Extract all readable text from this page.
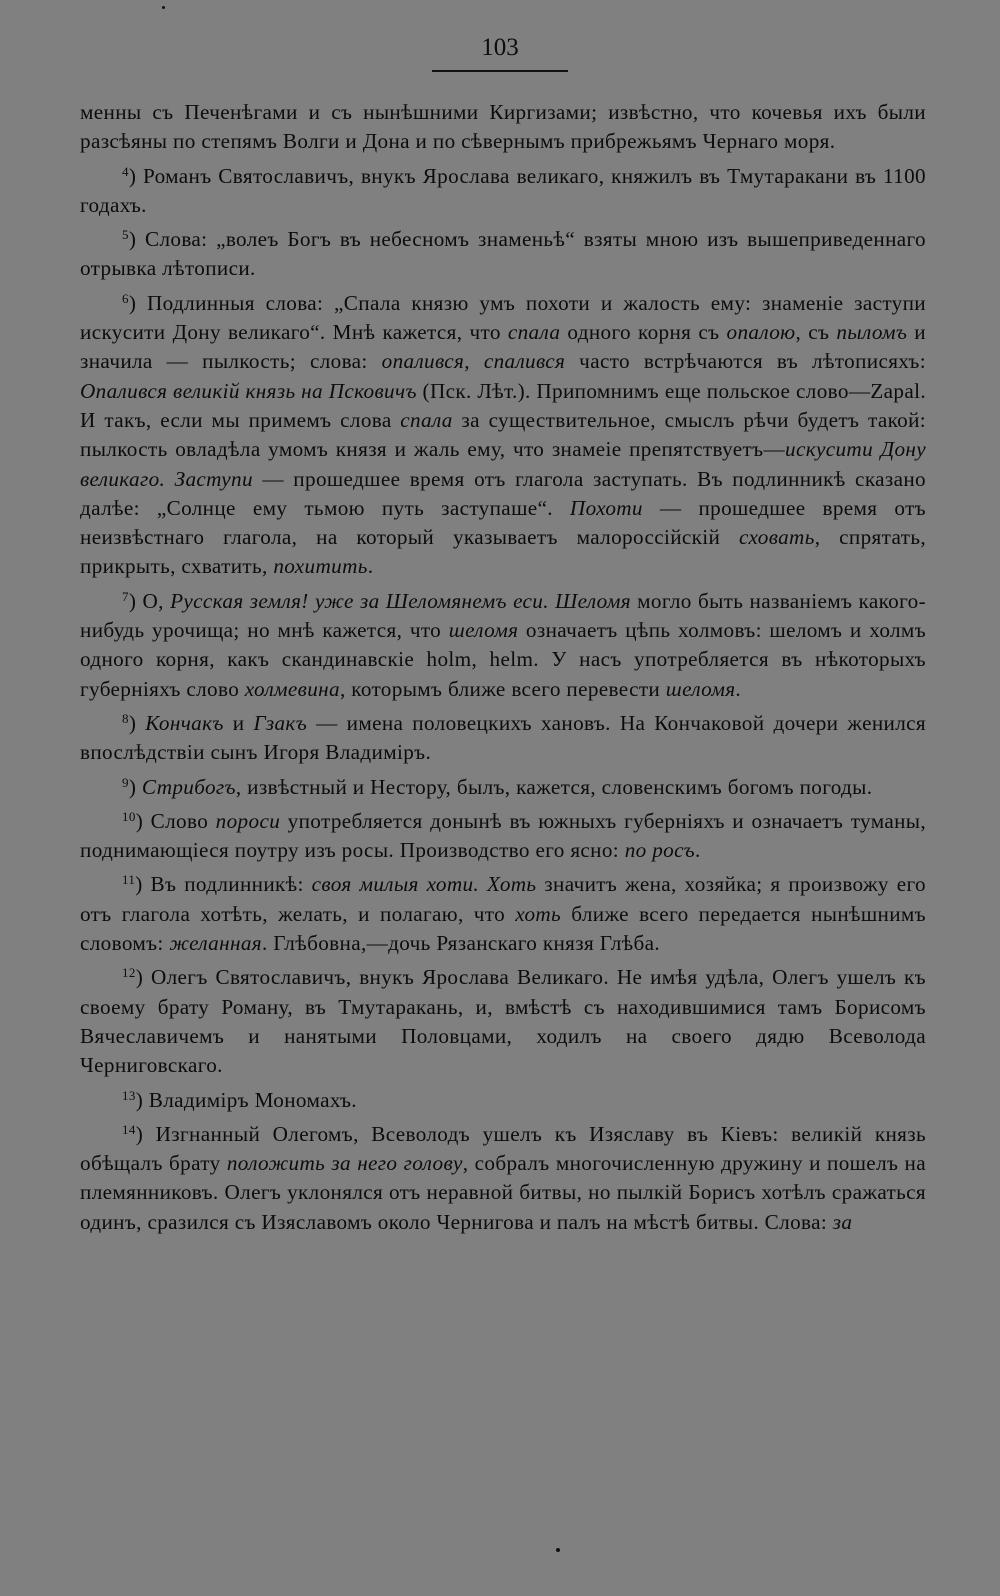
103

менны съ Печенѣгами и съ нынѣшними Киргизами; извѣстно, что кочевья ихъ были разсѣяны по степямъ Волги и Дона и по сѣвернымъ прибрежьямъ Чернаго моря.

$^4$) Романъ Святославичъ, внукъ Ярослава великаго, княжилъ въ Тмутаракани въ 1100 годахъ.

$^5$) Слова: „волеъ Богъ въ небесномъ знаменьѣ“ взяты мною изъ вышеприведеннаго отрывка лѣтописи.

$^6$) Подлинныя слова: „Спала князю умъ похоти и жалость ему: знаменіе заступи искусити Дону великаго“. Мнѣ кажется, что спала одного корня съ опалою, съ пыломъ и значила — пылкость; слова: опалився, спалився часто встрѣчаются въ лѣтописяхъ: Опалився великій князь на Псковичъ (Пск. Лѣт.). Припомнимъ еще польское слово—Zapal. И такъ, если мы примемъ слова спала за существительное, смыслъ рѣчи будетъ такой: пылкость овладѣла умомъ князя и жаль ему, что знамеie препятствуетъ—искусити Дону великаго. Заступи — прошедшее время отъ глагола заступать. Въ подлинникѣ сказано далѣе: „Солнце ему тьмою путь заступаше“. Похоти — прошедшее время отъ неизвѣстнаго глагола, на который указываетъ малороссійскій сховать, спрятать, прикрыть, схватить, похитить.

$^7$) О, Русская земля! уже за Шеломянемъ еси. Шеломя могло быть названіемъ какого-нибудь урочища; но мнѣ кажется, что шеломя означаетъ цѣпь холмовъ: шеломъ и холмъ одного корня, какъ скандинавскіе holm, helm. У насъ употребляется въ нѣкоторыхъ губерніяхъ слово холмевина, которымъ ближе всего перевести шеломя.

$^8$) Кончакъ и Гзакъ — имена половецкихъ хановъ. На Кончаковой дочери женился впослѣдствіи сынъ Игоря Владиміръ.

$^9$) Стрибогъ, извѣстный и Нестору, былъ, кажется, словенскимъ богомъ погоды.

$^{10}$) Слово пороси употребляется донынѣ въ южныхъ губерніяхъ и означаетъ туманы, поднимающіеся поутру изъ росы. Производство его ясно: по росъ.

$^{11}$) Въ подлинникѣ: своя милыя хоти. Хоть значитъ жена, хозяйка; я произвожу его отъ глагола хотѣть, желать, и полагаю, что хоть ближе всего передается нынѣшнимъ словомъ: желанная. Глѣбовна,—дочь Рязанскаго князя Глѣба.

$^{12}$) Олегъ Святославичъ, внукъ Ярослава Великаго. Не имѣя удѣла, Олегъ ушелъ къ своему брату Роману, въ Тмутаракань, и, вмѣстѣ съ находившимися тамъ Борисомъ Вячеславичемъ и нанятыми Половцами, ходилъ на своего дядю Всеволода Черниговскаго.

$^{13}$) Владиміръ Мономахъ.

$^{14}$) Изгнанный Олегомъ, Всеволодъ ушелъ къ Изяславу въ Кіевъ: великій князь обѣщалъ брату положить за него голову, собралъ многочисленную дружину и пошелъ на племянниковъ. Олегъ уклонялся отъ неравной битвы, но пылкій Борисъ хотѣлъ сражаться одинъ, сразился съ Изяславомъ около Чернигова и палъ на мѣстѣ битвы. Слова: за
